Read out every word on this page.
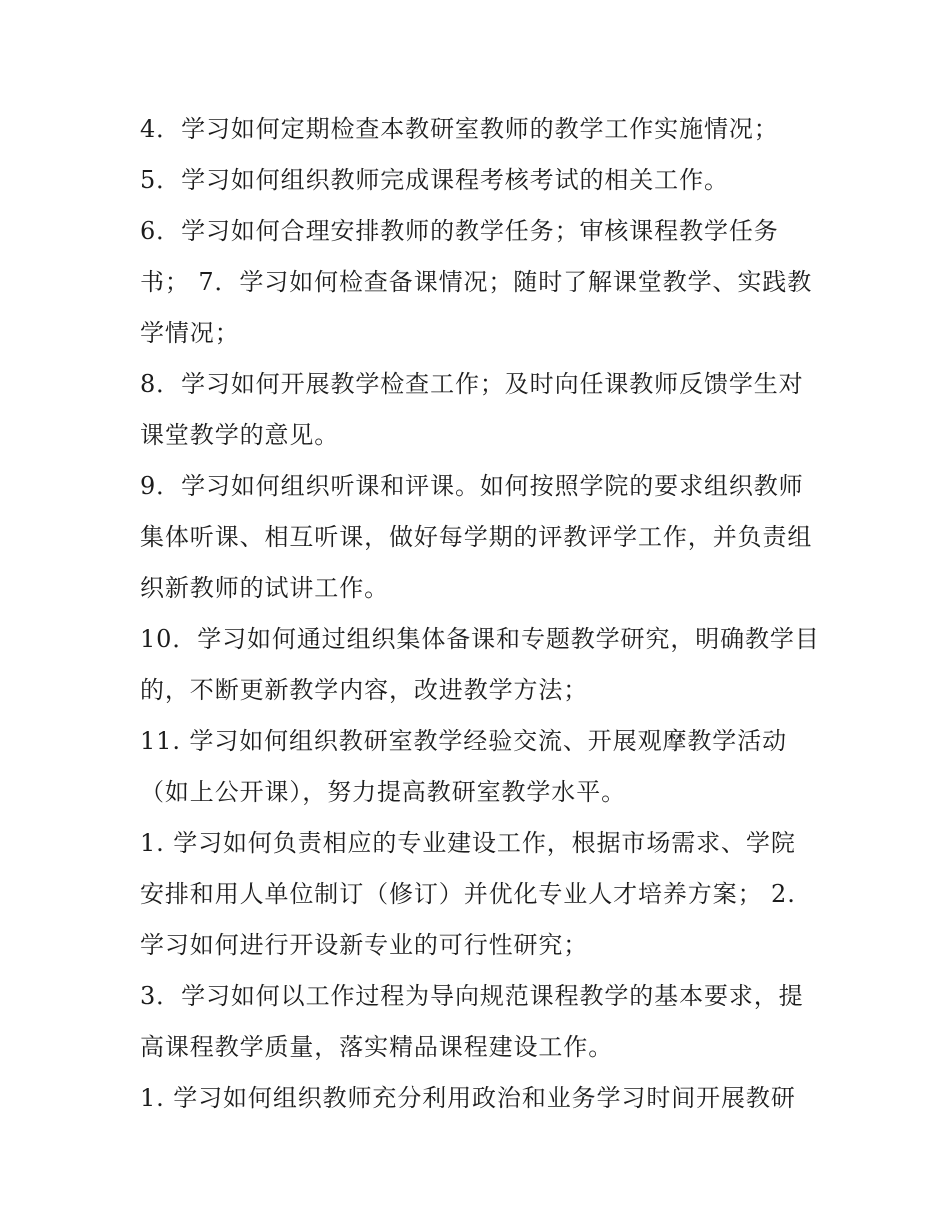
4．学习如何定期检查本教研室教师的教学工作实施情况；
5．学习如何组织教师完成课程考核考试的相关工作。
6．学习如何合理安排教师的教学任务；审核课程教学任务
书； 7．学习如何检查备课情况；随时了解课堂教学、实践教
学情况；
8．学习如何开展教学检查工作；及时向任课教师反馈学生对
课堂教学的意见。
9．学习如何组织听课和评课。如何按照学院的要求组织教师
集体听课、相互听课，做好每学期的评教评学工作，并负责组
织新教师的试讲工作。
10．学习如何通过组织集体备课和专题教学研究，明确教学目
的，不断更新教学内容，改进教学方法；
11. 学习如何组织教研室教学经验交流、开展观摩教学活动
（如上公开课），努力提高教研室教学水平。
1. 学习如何负责相应的专业建设工作，根据市场需求、学院
安排和用人单位制订（修订）并优化专业人才培养方案； 2.
学习如何进行开设新专业的可行性研究；
3．学习如何以工作过程为导向规范课程教学的基本要求，提
高课程教学质量，落实精品课程建设工作。
1. 学习如何组织教师充分利用政治和业务学习时间开展教研
